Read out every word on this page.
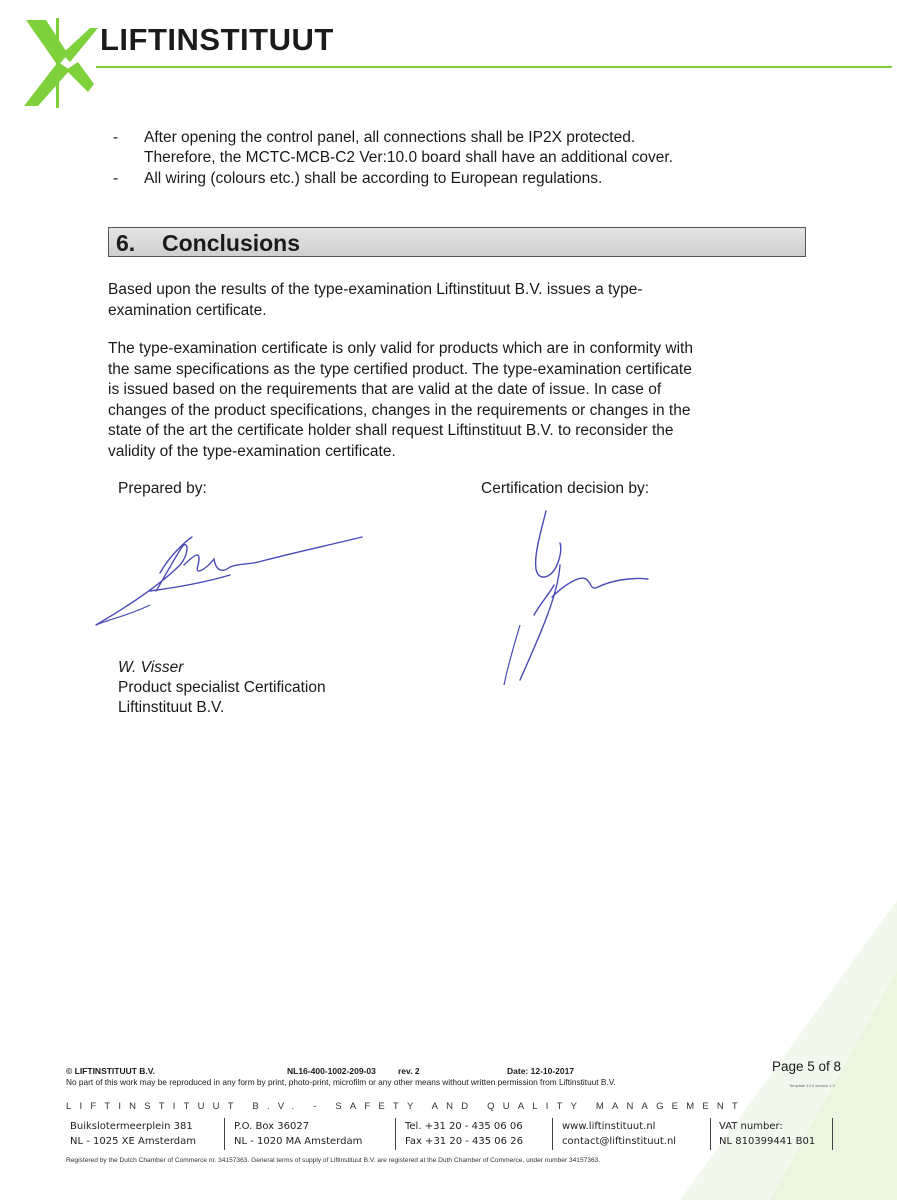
LIFTINSTITUUT
- After opening the control panel, all connections shall be IP2X protected.
Therefore, the MCTC-MCB-C2 Ver:10.0 board shall have an additional cover.
- All wiring (colours etc.) shall be according to European regulations.
6. Conclusions

Based upon the results of the type-examination Liftinstituut B.V. issues a type-
examination certificate.

The type-examination certificate is only valid for products which are in conformity with
the same specifications as the type certified product. The type-examination certificate
is issued based on the requirements that are valid at the date of issue. In case of
changes of the product specifications, changes in the requirements or changes in the
state of the art the certificate holder shall request Liftinstituut B.V. to reconsider the
validity of the type-examination certificate.

Prepared by:	Certification decision by:
W. Visser
Product specialist Certification
Liftinstituut B.V.
© LIFTINSTITUUT B.V.	NL16-400-1002-209-03	rev. 2	Date: 12-10-2017	Page 5 of 8
No part of this work may be reproduced in any form by print, photo-print, microfilm or any other means without written permission from Liftinstituut B.V.	Template 14.0 version 1.0
LIFTINSTITUUT B.V. - SAFETY AND QUALITY MANAGEMENT
Buikslotermeerplein 381
NL - 1025 XE Amsterdam
P.O. Box 36027
NL - 1020 MA Amsterdam
Tel. +31 20 - 435 06 06
Fax +31 20 - 435 06 26
www.liftinstituut.nl
contact@liftinstituut.nl
VAT number:
NL 810399441 B01
Registered by the Dutch Chamber of Commerce nr. 34157363. General terms of supply of Liftinstituut B.V. are registered at the Duth Chamber of Commerce, under number 34157363.
